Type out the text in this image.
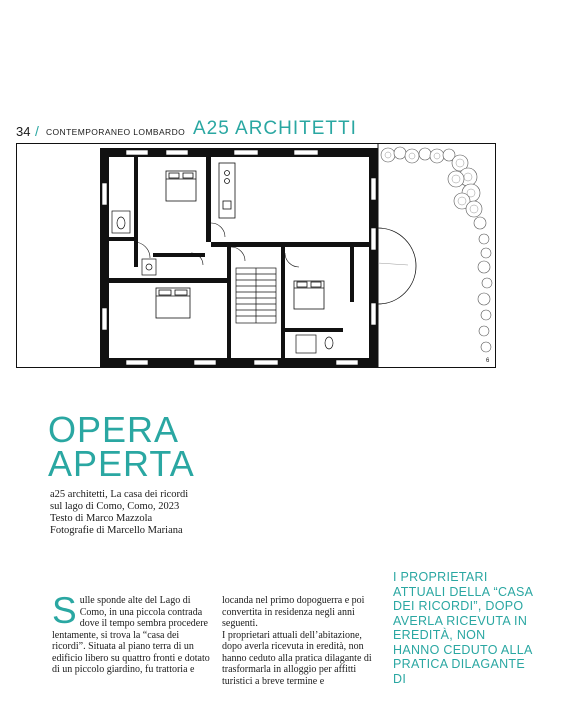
34 / CONTEMPORANEO LOMBARDO A25 ARCHITETTI
6
OPERA
APERTA
a25 architetti, La casa dei ricordi
sul lago di Como, Como, 2023
Testo di Marco Mazzola
Fotografie di Marcello Mariana

Sulle sponde alte del Lago di Como, in una piccola contrada dove il tempo sembra procedere lentamente, si trova la “casa dei ricordi”. Situata al piano terra di un edificio libero su quattro fronti e dotato di un piccolo giardino, fu trattoria e

locanda nel primo dopoguerra e poi convertita in residenza negli anni seguenti.

I proprietari attuali dell’abitazione, dopo averla ricevuta in eredità, non hanno ceduto alla pratica dilagante di trasformarla in alloggio per affitti turistici a breve termine e

I PROPRIETARI ATTUALI DELLA “CASA DEI RICORDI”, DOPO AVERLA RICEVUTA IN EREDITÀ, NON HANNO CEDUTO ALLA PRATICA DILAGANTE DI
